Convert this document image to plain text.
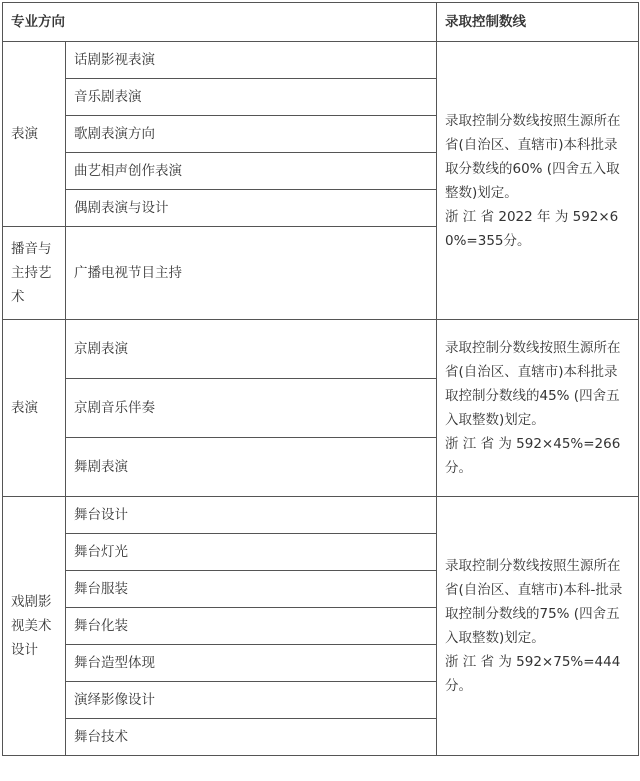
专业方向		录取控制数线
表演	话剧影视表演	录取控制分数线按照生源所在省(自治区、直辖市)本科批录取分数线的60% (四舍五入取整数)划定。

浙 江 省 2022 年 为 592×60%=355分。

	音乐剧表演	
	歌剧表演方向	
	曲艺相声创作表演	
	偶剧表演与设计	
播音与主持艺术	广播电视节目主持	
表演	京剧表演	录取控制分数线按照生源所在省(自治区、直辖市)本科批录取控制分数线的45% (四舍五入取整数)划定。

浙 江 省 为 592×45%=266分。

	京剧音乐伴奏	
	舞剧表演	
戏剧影视美术设计	舞台设计	录取控制分数线按照生源所在省(自治区、直辖市)本科-批录取控制分数线的75% (四舍五入取整数)划定。

浙 江 省 为 592×75%=444分。

	舞台灯光	
	舞台服装	
	舞台化装	
	舞台造型体现	
	演绎影像设计	
	舞台技术	
